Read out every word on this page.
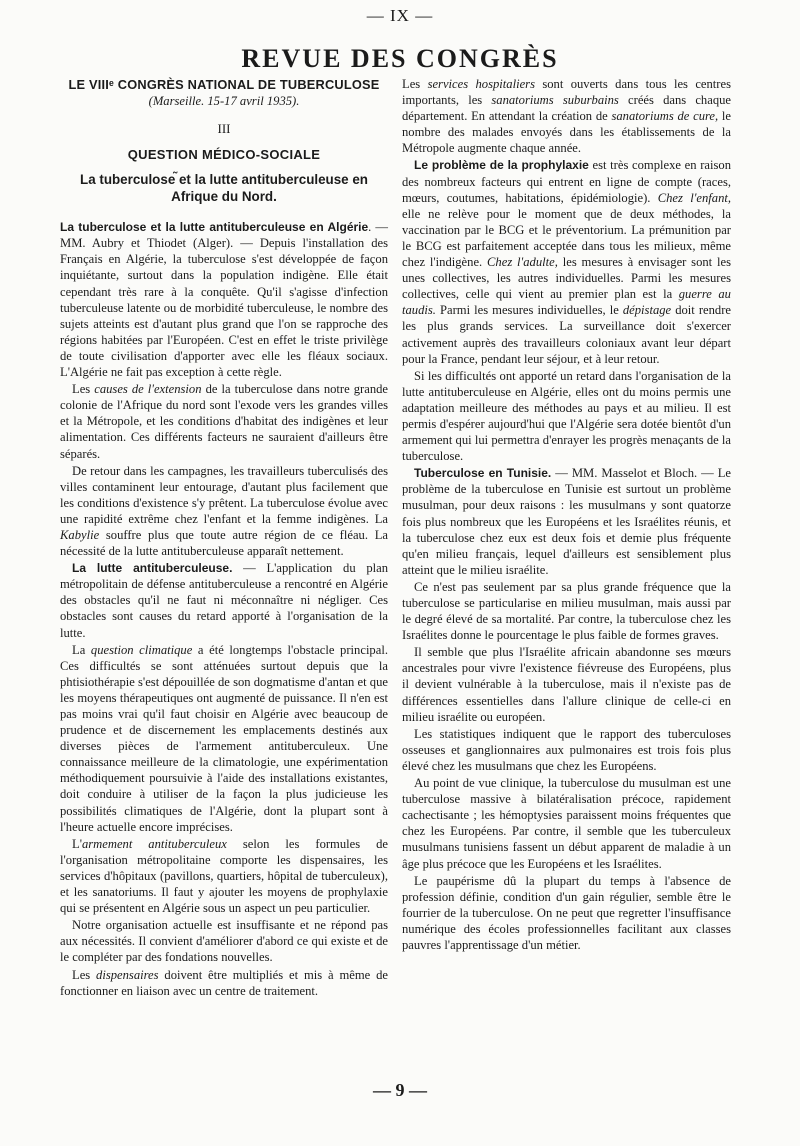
— IX —
REVUE DES CONGRÈS
LE VIIIᵉ CONGRÈS NATIONAL DE TUBERCULOSE
(Marseille. 15-17 avril 1935).
III
QUESTION MÉDICO-SOCIALE
La tuberculose ̃et la lutte antituberculeuse en Afrique du Nord.

La tuberculose et la lutte antituberculeuse en Algérie. — MM. Aubry et Thiodet (Alger). — Depuis l'installation des Français en Algérie, la tuberculose s'est développée de façon inquiétante, surtout dans la population indigène. Elle était cependant très rare à la conquête. Qu'il s'agisse d'infection tuberculeuse latente ou de morbidité tuberculeuse, le nombre des sujets atteints est d'autant plus grand que l'on se rapproche des régions habitées par l'Européen. C'est en effet le triste privilège de toute civilisation d'apporter avec elle les fléaux sociaux. L'Algérie ne fait pas exception à cette règle.

Les causes de l'extension de la tuberculose dans notre grande colonie de l'Afrique du nord sont l'exode vers les grandes villes et la Métropole, et les conditions d'habitat des indigènes et leur alimentation. Ces différents facteurs ne sauraient d'ailleurs être séparés.

De retour dans les campagnes, les travailleurs tuberculisés des villes contaminent leur entourage, d'autant plus facilement que les conditions d'existence s'y prêtent. La tuberculose évolue avec une rapidité extrême chez l'enfant et la femme indigènes. La Kabylie souffre plus que toute autre région de ce fléau. La nécessité de la lutte antituberculeuse apparaît nettement.

La lutte antituberculeuse. — L'application du plan métropolitain de défense antituberculeuse a rencontré en Algérie des obstacles qu'il ne faut ni méconnaître ni négliger. Ces obstacles sont causes du retard apporté à l'organisation de la lutte.

La question climatique a été longtemps l'obstacle principal. Ces difficultés se sont atténuées surtout depuis que la phtisiothérapie s'est dépouillée de son dogmatisme d'antan et que les moyens thérapeutiques ont augmenté de puissance. Il n'en est pas moins vrai qu'il faut choisir en Algérie avec beaucoup de prudence et de discernement les emplacements destinés aux diverses pièces de l'armement antituberculeux. Une connaissance meilleure de la climatologie, une expérimentation méthodiquement poursuivie à l'aide des installations existantes, doit conduire à utiliser de la façon la plus judicieuse les possibilités climatiques de l'Algérie, dont la plupart sont à l'heure actuelle encore imprécises.

L'armement antituberculeux selon les formules de l'organisation métropolitaine comporte les dispensaires, les services d'hôpitaux (pavillons, quartiers, hôpital de tuberculeux), et les sanatoriums. Il faut y ajouter les moyens de prophylaxie qui se présentent en Algérie sous un aspect un peu particulier.

Notre organisation actuelle est insuffisante et ne répond pas aux nécessités. Il convient d'améliorer d'abord ce qui existe et de le compléter par des fondations nouvelles.

Les dispensaires doivent être multipliés et mis à même de fonctionner en liaison avec un centre de traitement.

Les services hospitaliers sont ouverts dans tous les centres importants, les sanatoriums suburbains créés dans chaque département. En attendant la création de sanatoriums de cure, le nombre des malades envoyés dans les établissements de la Métropole augmente chaque année.

Le problème de la prophylaxie est très complexe en raison des nombreux facteurs qui entrent en ligne de compte (races, mœurs, coutumes, habitations, épidémiologie). Chez l'enfant, elle ne relève pour le moment que de deux méthodes, la vaccination par le BCG et le préventorium. La prémunition par le BCG est parfaitement acceptée dans tous les milieux, même chez l'indigène. Chez l'adulte, les mesures à envisager sont les unes collectives, les autres individuelles. Parmi les mesures collectives, celle qui vient au premier plan est la guerre au taudis. Parmi les mesures individuelles, le dépistage doit rendre les plus grands services. La surveillance doit s'exercer activement auprès des travailleurs coloniaux avant leur départ pour la France, pendant leur séjour, et à leur retour.

Si les difficultés ont apporté un retard dans l'organisation de la lutte antituberculeuse en Algérie, elles ont du moins permis une adaptation meilleure des méthodes au pays et au milieu. Il est permis d'espérer aujourd'hui que l'Algérie sera dotée bientôt d'un armement qui lui permettra d'enrayer les progrès menaçants de la tuberculose.

Tuberculose en Tunisie. — MM. Masselot et Bloch. — Le problème de la tuberculose en Tunisie est surtout un problème musulman, pour deux raisons : les musulmans y sont quatorze fois plus nombreux que les Européens et les Israélites réunis, et la tuberculose chez eux est deux fois et demie plus fréquente qu'en milieu français, lequel d'ailleurs est sensiblement plus atteint que le milieu israélite.

Ce n'est pas seulement par sa plus grande fréquence que la tuberculose se particularise en milieu musulman, mais aussi par le degré élevé de sa mortalité. Par contre, la tuberculose chez les Israélites donne le pourcentage le plus faible de formes graves.

Il semble que plus l'Israélite africain abandonne ses mœurs ancestrales pour vivre l'existence fiévreuse des Européens, plus il devient vulnérable à la tuberculose, mais il n'existe pas de différences essentielles dans l'allure clinique de celle-ci en milieu israélite ou européen.

Les statistiques indiquent que le rapport des tuberculoses osseuses et ganglionnaires aux pulmonaires est trois fois plus élevé chez les musulmans que chez les Européens.

Au point de vue clinique, la tuberculose du musulman est une tuberculose massive à bilatéralisation précoce, rapidement cachectisante ; les hémoptysies paraissent moins fréquentes que chez les Européens. Par contre, il semble que les tuberculeux musulmans tunisiens fassent un début apparent de maladie à un âge plus précoce que les Européens et les Israélites.

Le paupérisme dû la plupart du temps à l'absence de profession définie, condition d'un gain régulier, semble être le fourrier de la tuberculose. On ne peut que regretter l'insuffisance numérique des écoles professionnelles facilitant aux classes pauvres l'apprentissage d'un métier.

— 9 —
